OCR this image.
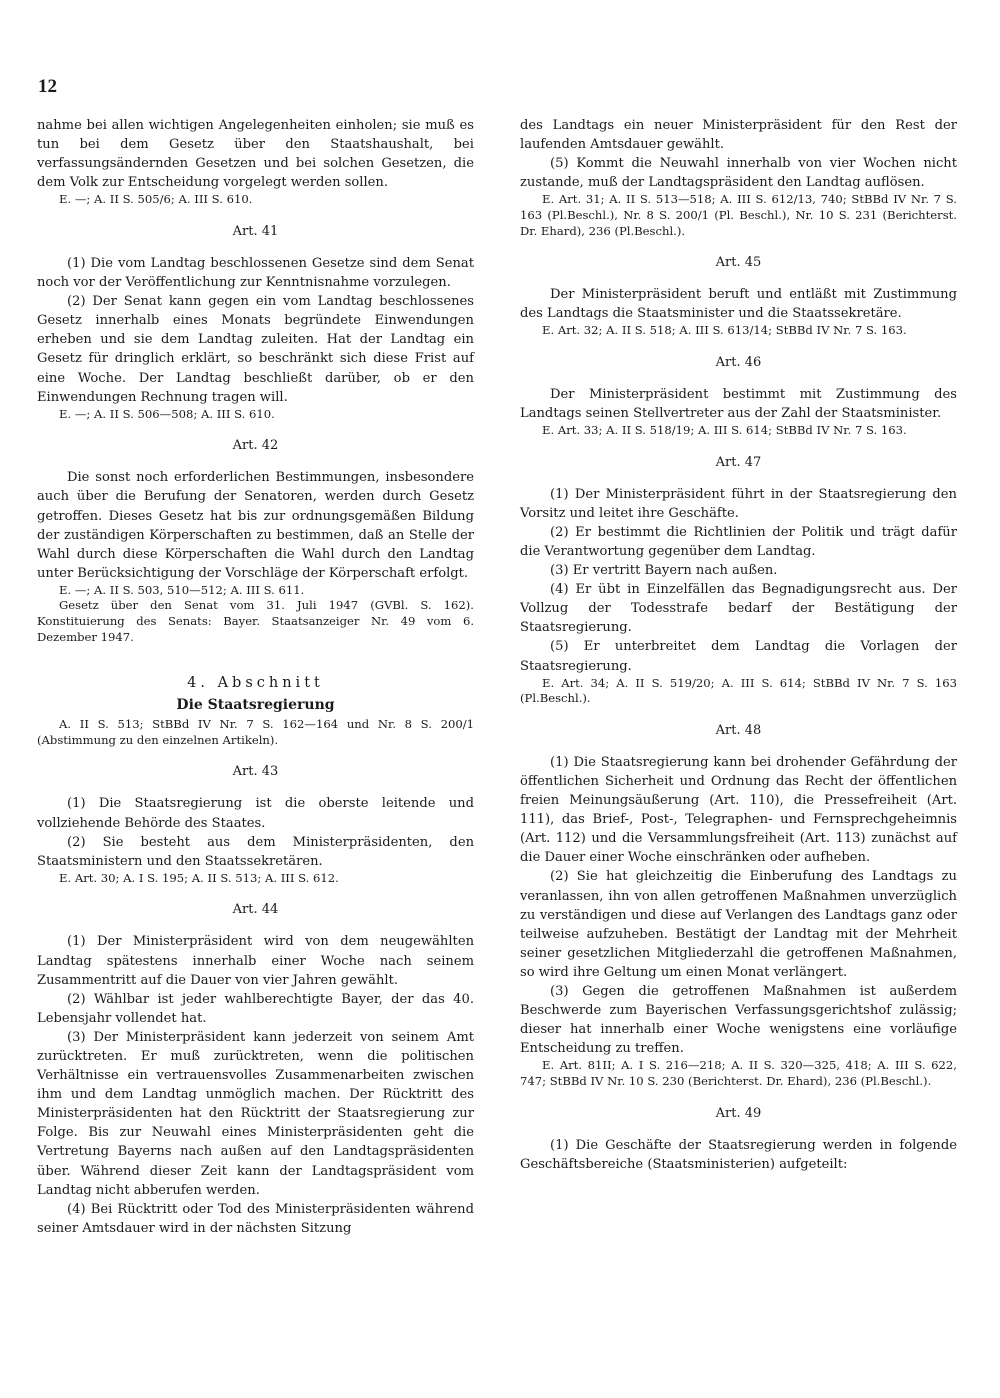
12

nahme bei allen wichtigen Angelegenheiten einholen; sie muß es tun bei dem Gesetz über den Staatshaushalt, bei verfassungsändernden Gesetzen und bei solchen Gesetzen, die dem Volk zur Entscheidung vorgelegt werden sollen.

E. —; A. II S. 505/6; A. III S. 610.

Art. 41

(1) Die vom Landtag beschlossenen Gesetze sind dem Senat noch vor der Veröffentlichung zur Kenntnisnahme vorzulegen.

(2) Der Senat kann gegen ein vom Landtag beschlossenes Gesetz innerhalb eines Monats begründete Einwendungen erheben und sie dem Landtag zuleiten. Hat der Landtag ein Gesetz für dringlich erklärt, so beschränkt sich diese Frist auf eine Woche. Der Landtag beschließt darüber, ob er den Einwendungen Rechnung tragen will.

E. —; A. II S. 506—508; A. III S. 610.

Art. 42

Die sonst noch erforderlichen Bestimmungen, insbesondere auch über die Berufung der Senatoren, werden durch Gesetz getroffen. Dieses Gesetz hat bis zur ordnungsgemäßen Bildung der zuständigen Körperschaften zu bestimmen, daß an Stelle der Wahl durch diese Körperschaften die Wahl durch den Landtag unter Berücksichtigung der Vorschläge der Körperschaft erfolgt.

E. —; A. II S. 503, 510—512; A. III S. 611.

Gesetz über den Senat vom 31. Juli 1947 (GVBl. S. 162). Konstituierung des Senats: Bayer. Staatsanzeiger Nr. 49 vom 6. Dezember 1947.

4. Abschnitt
Die Staatsregierung

A. II S. 513; StBBd IV Nr. 7 S. 162—164 und Nr. 8 S. 200/1 (Abstimmung zu den einzelnen Artikeln).

Art. 43

(1) Die Staatsregierung ist die oberste leitende und vollziehende Behörde des Staates.

(2) Sie besteht aus dem Ministerpräsidenten, den Staatsministern und den Staatssekretären.

E. Art. 30; A. I S. 195; A. II S. 513; A. III S. 612.

Art. 44

(1) Der Ministerpräsident wird von dem neugewählten Landtag spätestens innerhalb einer Woche nach seinem Zusammentritt auf die Dauer von vier Jahren gewählt.

(2) Wählbar ist jeder wahlberechtigte Bayer, der das 40. Lebensjahr vollendet hat.

(3) Der Ministerpräsident kann jederzeit von seinem Amt zurücktreten. Er muß zurücktreten, wenn die politischen Verhältnisse ein vertrauensvolles Zusammenarbeiten zwischen ihm und dem Landtag unmöglich machen. Der Rücktritt des Ministerpräsidenten hat den Rücktritt der Staatsregierung zur Folge. Bis zur Neuwahl eines Ministerpräsidenten geht die Vertretung Bayerns nach außen auf den Landtagspräsidenten über. Während dieser Zeit kann der Landtagspräsident vom Landtag nicht abberufen werden.

(4) Bei Rücktritt oder Tod des Ministerpräsidenten während seiner Amtsdauer wird in der nächsten Sitzung

des Landtags ein neuer Ministerpräsident für den Rest der laufenden Amtsdauer gewählt.

(5) Kommt die Neuwahl innerhalb von vier Wochen nicht zustande, muß der Landtagspräsident den Landtag auflösen.

E. Art. 31; A. II S. 513—518; A. III S. 612/13, 740; StBBd IV Nr. 7 S. 163 (Pl.Beschl.), Nr. 8 S. 200/1 (Pl. Beschl.), Nr. 10 S. 231 (Berichterst. Dr. Ehard), 236 (Pl.Beschl.).

Art. 45

Der Ministerpräsident beruft und entläßt mit Zustimmung des Landtags die Staatsminister und die Staatssekretäre.

E. Art. 32; A. II S. 518; A. III S. 613/14; StBBd IV Nr. 7 S. 163.

Art. 46

Der Ministerpräsident bestimmt mit Zustimmung des Landtags seinen Stellvertreter aus der Zahl der Staatsminister.

E. Art. 33; A. II S. 518/19; A. III S. 614; StBBd IV Nr. 7 S. 163.

Art. 47

(1) Der Ministerpräsident führt in der Staatsregierung den Vorsitz und leitet ihre Geschäfte.

(2) Er bestimmt die Richtlinien der Politik und trägt dafür die Verantwortung gegenüber dem Landtag.

(3) Er vertritt Bayern nach außen.

(4) Er übt in Einzelfällen das Begnadigungsrecht aus. Der Vollzug der Todesstrafe bedarf der Bestätigung der Staatsregierung.

(5) Er unterbreitet dem Landtag die Vorlagen der Staatsregierung.

E. Art. 34; A. II S. 519/20; A. III S. 614; StBBd IV Nr. 7 S. 163 (Pl.Beschl.).

Art. 48

(1) Die Staatsregierung kann bei drohender Gefährdung der öffentlichen Sicherheit und Ordnung das Recht der öffentlichen freien Meinungsäußerung (Art. 110), die Pressefreiheit (Art. 111), das Brief-, Post-, Telegraphen- und Fernsprechgeheimnis (Art. 112) und die Versammlungsfreiheit (Art. 113) zunächst auf die Dauer einer Woche einschränken oder aufheben.

(2) Sie hat gleichzeitig die Einberufung des Landtags zu veranlassen, ihn von allen getroffenen Maßnahmen unverzüglich zu verständigen und diese auf Verlangen des Landtags ganz oder teilweise aufzuheben. Bestätigt der Landtag mit der Mehrheit seiner gesetzlichen Mitgliederzahl die getroffenen Maßnahmen, so wird ihre Geltung um einen Monat verlängert.

(3) Gegen die getroffenen Maßnahmen ist außerdem Beschwerde zum Bayerischen Verfassungsgerichtshof zulässig; dieser hat innerhalb einer Woche wenigstens eine vorläufige Entscheidung zu treffen.

E. Art. 81II; A. I S. 216—218; A. II S. 320—325, 418; A. III S. 622, 747; StBBd IV Nr. 10 S. 230 (Berichterst. Dr. Ehard), 236 (Pl.Beschl.).

Art. 49

(1) Die Geschäfte der Staatsregierung werden in folgende Geschäftsbereiche (Staatsministerien) aufgeteilt:
